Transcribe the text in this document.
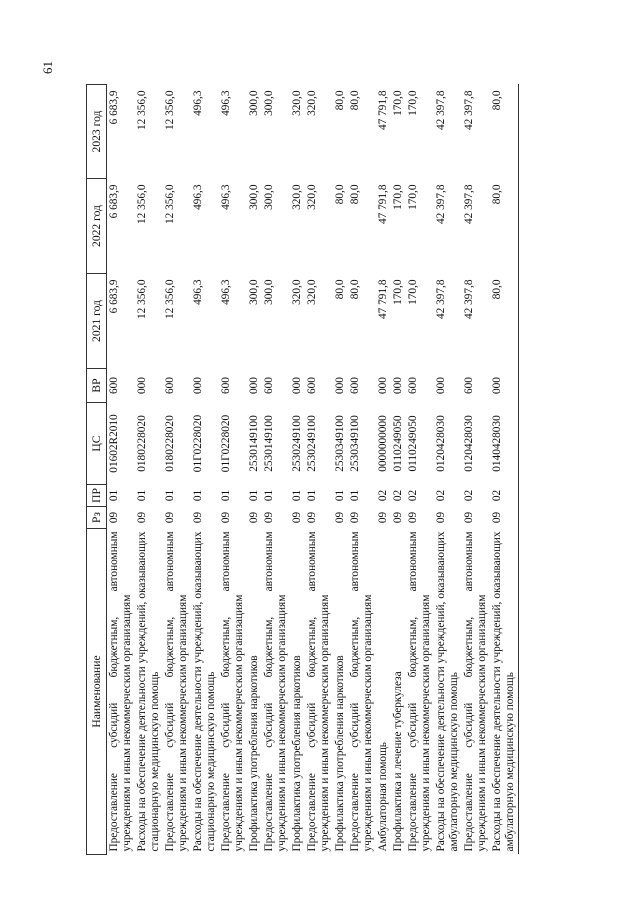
61
Наименование	Рз	ПР	ЦС	ВР	2021 год	2022 год	2023 год
Предоставление субсидий бюджетным, автономным учреждениям и иным некоммерческим организациям	09	01	01602R2010	600	6 683,9	6 683,9	6 683,9
Расходы на обеспечение деятельности учреждений, оказывающих стационарную медицинскую помощь	09	01	0180228020	000	12 356,0	12 356,0	12 356,0
Предоставление субсидий бюджетным, автономным учреждениям и иным некоммерческим организациям	09	01	0180228020	600	12 356,0	12 356,0	12 356,0
Расходы на обеспечение деятельности учреждений, оказывающих стационарную медицинскую помощь	09	01	01Г0228020	000	496,3	496,3	496,3
Предоставление субсидий бюджетным, автономным учреждениям и иным некоммерческим организациям	09	01	01Г0228020	600	496,3	496,3	496,3
Профилактика употребления наркотиков	09	01	2530149100	000	300,0	300,0	300,0
Предоставление субсидий бюджетным, автономным учреждениям и иным некоммерческим организациям	09	01	2530149100	600	300,0	300,0	300,0
Профилактика употребления наркотиков	09	01	2530249100	000	320,0	320,0	320,0
Предоставление субсидий бюджетным, автономным учреждениям и иным некоммерческим организациям	09	01	2530249100	600	320,0	320,0	320,0
Профилактика употребления наркотиков	09	01	2530349100	000	80,0	80,0	80,0
Предоставление субсидий бюджетным, автономным учреждениям и иным некоммерческим организациям	09	01	2530349100	600	80,0	80,0	80,0
Амбулаторная помощь	09	02	0000000000	000	47 791,8	47 791,8	47 791,8
Профилактика и лечение туберкулеза	09	02	0110249050	000	170,0	170,0	170,0
Предоставление субсидий бюджетным, автономным учреждениям и иным некоммерческим организациям	09	02	0110249050	600	170,0	170,0	170,0
Расходы на обеспечение деятельности учреждений, оказывающих амбулаторную медицинскую помощь	09	02	0120428030	000	42 397,8	42 397,8	42 397,8
Предоставление субсидий бюджетным, автономным учреждениям и иным некоммерческим организациям	09	02	0120428030	600	42 397,8	42 397,8	42 397,8
Расходы на обеспечение деятельности учреждений, оказывающих амбулаторную медицинскую помощь	09	02	0140428030	000	80,0	80,0	80,0
